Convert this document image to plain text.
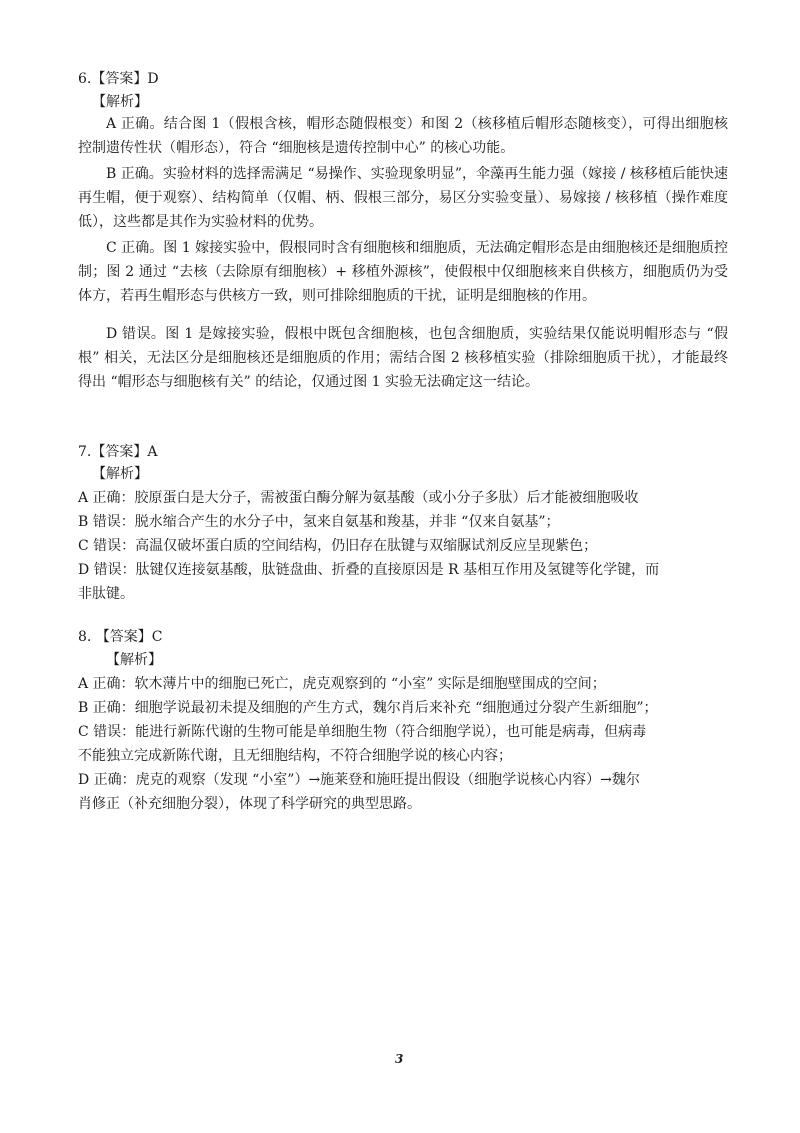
6.【答案】D
【解析】
A 正确。结合图 1（假根含核，帽形态随假根变）和图 2（核移植后帽形态随核变），可得出细胞核控制遗传性状（帽形态），符合 “细胞核是遗传控制中心” 的核心功能。
B 正确。实验材料的选择需满足 “易操作、实验现象明显”，伞藻再生能力强（嫁接 / 核移植后能快速再生帽，便于观察）、结构简单（仅帽、柄、假根三部分，易区分实验变量）、易嫁接 / 核移植（操作难度低），这些都是其作为实验材料的优势。
C 正确。图 1 嫁接实验中，假根同时含有细胞核和细胞质，无法确定帽形态是由细胞核还是细胞质控制；图 2 通过 “去核（去除原有细胞核）+ 移植外源核”，使假根中仅细胞核来自供核方，细胞质仍为受体方，若再生帽形态与供核方一致，则可排除细胞质的干扰，证明是细胞核的作用。
D 错误。图 1 是嫁接实验，假根中既包含细胞核，也包含细胞质，实验结果仅能说明帽形态与 “假根” 相关，无法区分是细胞核还是细胞质的作用；需结合图 2 核移植实验（排除细胞质干扰），才能最终得出 “帽形态与细胞核有关” 的结论，仅通过图 1 实验无法确定这一结论。
7.【答案】A
【解析】
A 正确：胶原蛋白是大分子，需被蛋白酶分解为氨基酸（或小分子多肽）后才能被细胞吸收
B 错误：脱水缩合产生的水分子中，氢来自氨基和羧基，并非 “仅来自氨基”；
C 错误：高温仅破坏蛋白质的空间结构，仍旧存在肽键与双缩脲试剂反应呈现紫色；
D 错误：肽键仅连接氨基酸，肽链盘曲、折叠的直接原因是 R 基相互作用及氢键等化学键，而
非肽键。
8. 【答案】C
【解析】
A 正确：软木薄片中的细胞已死亡，虎克观察到的 “小室” 实际是细胞壁围成的空间；
B 正确：细胞学说最初未提及细胞的产生方式，魏尔肖后来补充 “细胞通过分裂产生新细胞”；
C 错误：能进行新陈代谢的生物可能是单细胞生物（符合细胞学说），也可能是病毒，但病毒
不能独立完成新陈代谢，且无细胞结构，不符合细胞学说的核心内容；
D 正确：虎克的观察（发现 “小室”）→施莱登和施旺提出假设（细胞学说核心内容）→魏尔
肖修正（补充细胞分裂），体现了科学研究的典型思路。
3
